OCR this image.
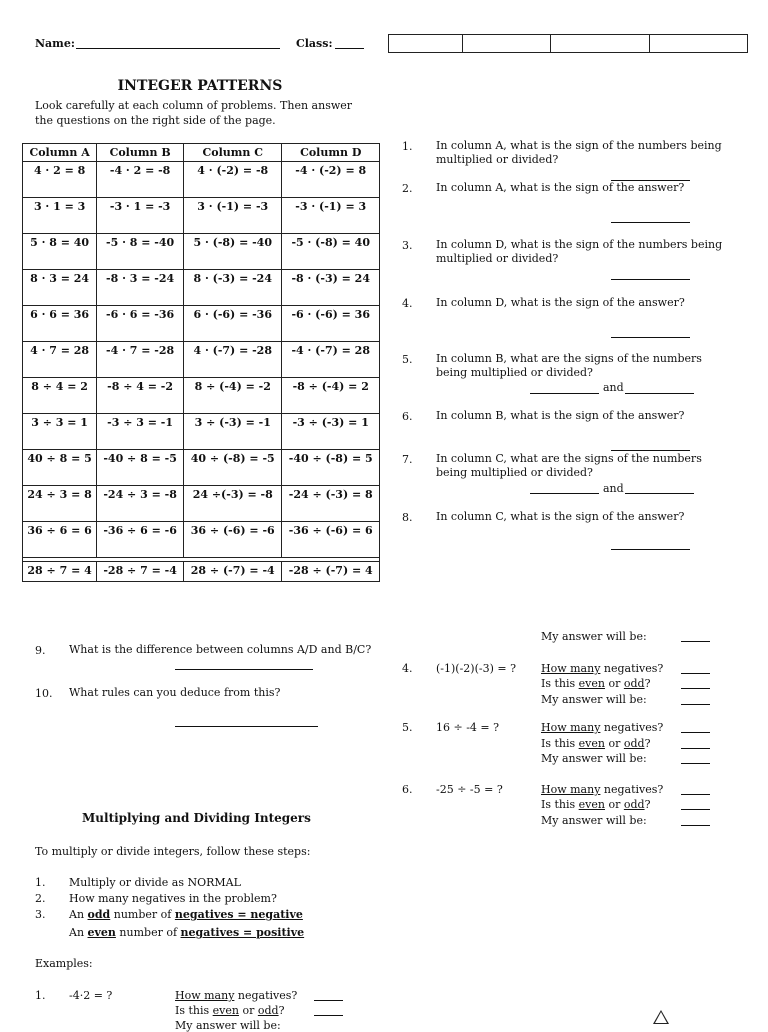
Name:	Class:
INTEGER PATTERNS
Look carefully at each column of problems. Then answer
the questions on the right side of the page.
Column A	Column B	Column C	Column D
4 · 2 = 8	-4 · 2 = -8	4 · (-2) = -8	-4 · (-2) = 8
3 · 1 = 3	-3 · 1 = -3	3 · (-1) = -3	-3 · (-1) = 3
5 · 8 = 40	-5 · 8 = -40	5 · (-8) = -40	-5 · (-8) = 40
8 · 3 = 24	-8 · 3 = -24	8 · (-3) = -24	-8 · (-3) = 24
6 · 6 = 36	-6 · 6 = -36	6 · (-6) = -36	-6 · (-6) = 36
4 · 7 = 28	-4 · 7 = -28	4 · (-7) = -28	-4 · (-7) = 28
8 ÷ 4 = 2	-8 ÷ 4 = -2	8 ÷ (-4) = -2	-8 ÷ (-4) = 2
3 ÷ 3 = 1	-3 ÷ 3 = -1	3 ÷ (-3) = -1	-3 ÷ (-3) = 1
40 ÷ 8 = 5	-40 ÷ 8 = -5	40 ÷ (-8) = -5	-40 ÷ (-8) = 5
24 ÷ 3 = 8	-24 ÷ 3 = -8	24 ÷(-3) = -8	-24 ÷ (-3) = 8
36 ÷ 6 = 6	-36 ÷ 6 = -6	36 ÷ (-6) = -6	-36 ÷ (-6) = 6

28 ÷ 7 = 4	-28 ÷ 7 = -4	28 ÷ (-7) = -4	-28 ÷ (-7) = 4
1. In column A, what is the sign of the numbers being multiplied or divided?
2. In column A, what is the sign of the answer?
3. In column D, what is the sign of the numbers being multiplied or divided?
4. In column D, what is the sign of the answer?
5. In column B, what are the signs of the numbers being multiplied or divided?
and
6. In column B, what is the sign of the answer?
7. In column C, what are the signs of the numbers being multiplied or divided?
and
8. In column C, what is the sign of the answer?
9. What is the difference between columns A/D and B/C?
10. What rules can you deduce from this?
Multiplying and Dividing Integers
To multiply or divide integers, follow these steps:
1. Multiply or divide as NORMAL
2. How many negatives in the problem?
3. An odd number of negatives = negative
An even number of negatives = positive
Examples:
1. -4·2 = ?	How many negatives?
Is this even or odd?
My answer will be:
My answer will be:
4. (-1)(-2)(-3) = ? How many negatives?
Is this even or odd?
My answer will be:
5. 16 ÷ -4 = ?	How many negatives?
Is this even or odd?
My answer will be:
6. -25 ÷ -5 = ?	How many negatives?
Is this even or odd?
My answer will be:
